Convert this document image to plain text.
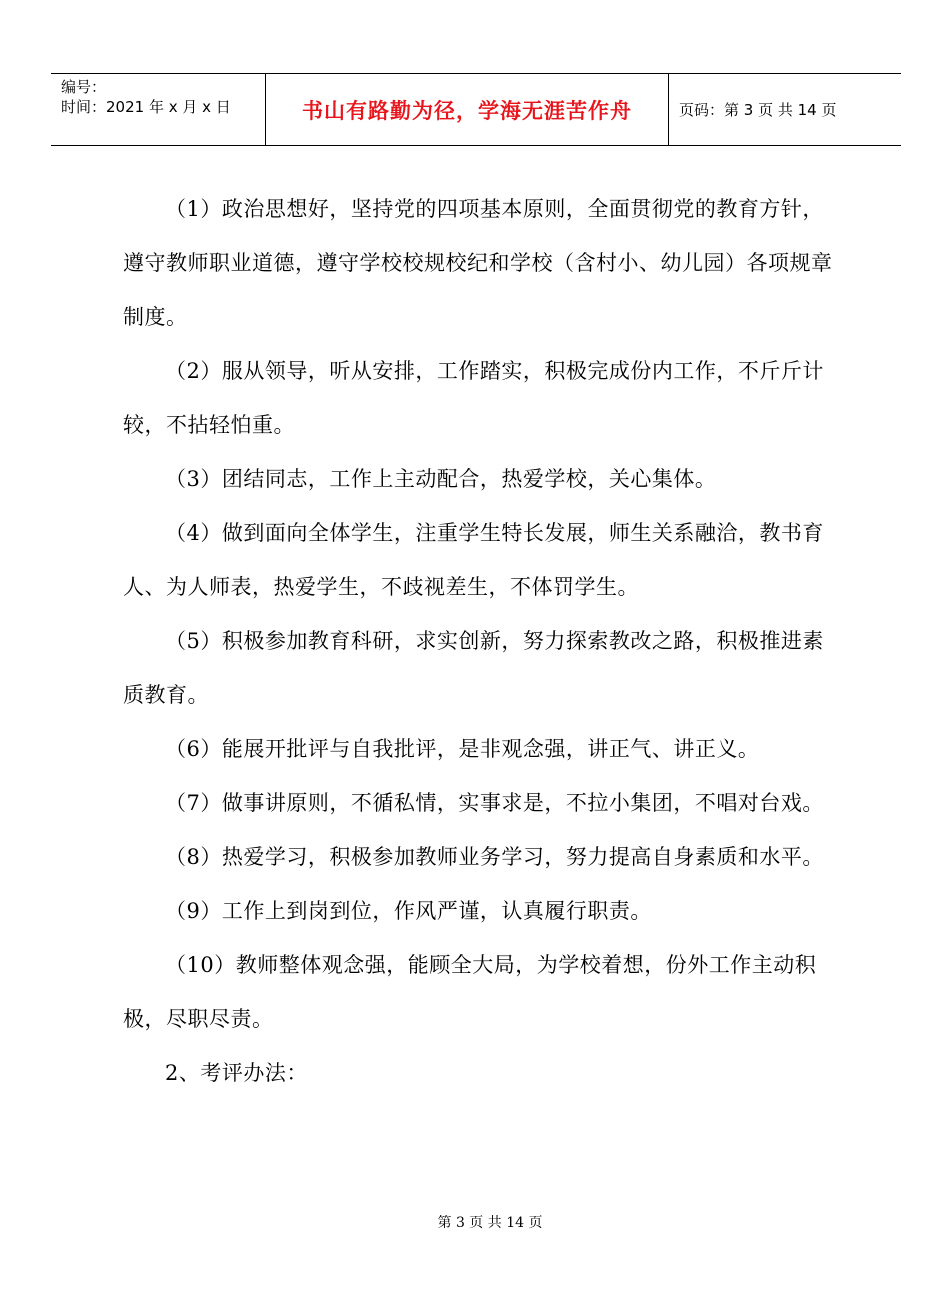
编号：
时间：2021 年 x 月 x 日	书山有路勤为径，学海无涯苦作舟	页码：第 3 页 共 14 页

（1）政治思想好，坚持党的四项基本原则，全面贯彻党的教育方针，遵守教师职业道德，遵守学校校规校纪和学校（含村小、幼儿园）各项规章制度。

（2）服从领导，听从安排，工作踏实，积极完成份内工作，不斤斤计较，不拈轻怕重。

（3）团结同志，工作上主动配合，热爱学校，关心集体。

（4）做到面向全体学生，注重学生特长发展，师生关系融洽，教书育人、为人师表，热爱学生，不歧视差生，不体罚学生。

（5）积极参加教育科研，求实创新，努力探索教改之路，积极推进素质教育。

（6）能展开批评与自我批评，是非观念强，讲正气、讲正义。

（7）做事讲原则，不循私情，实事求是，不拉小集团，不唱对台戏。

（8）热爱学习，积极参加教师业务学习，努力提高自身素质和水平。

（9）工作上到岗到位，作风严谨，认真履行职责。

（10）教师整体观念强，能顾全大局，为学校着想，份外工作主动积极，尽职尽责。

2、考评办法：

第 3 页 共 14 页
